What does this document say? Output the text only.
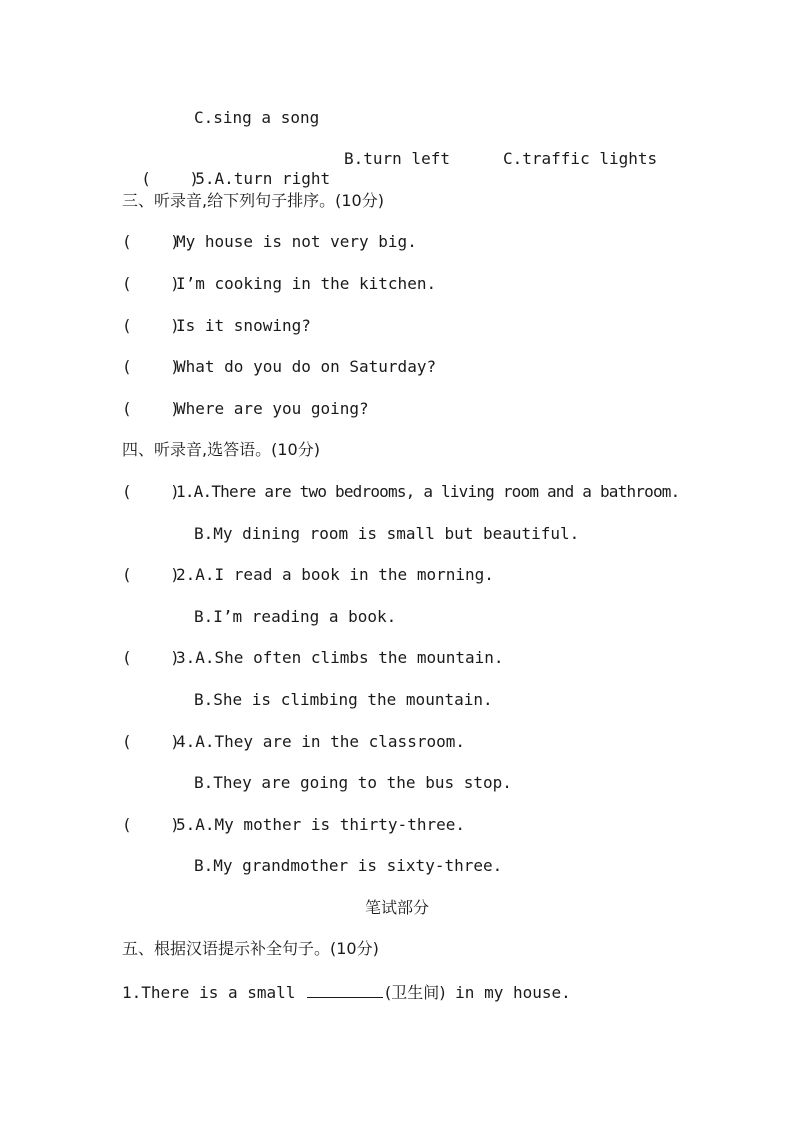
C.sing a song

(    )5.A.turn right

B.turn left	C.traffic lights
三、听录音,给下列句子排序。(10分)
(    )My house is not very big.
(    )I’m cooking in the kitchen.
(    )Is it snowing?
(    )What do you do on Saturday?
(    )Where are you going?
四、听录音,选答语。(10分)
(    )1.A.There are two bedrooms, a living room and a bathroom.
B.My dining room is small but beautiful.
(    )2.A.I read a book in the morning.
B.I’m reading a book.
(    )3.A.She often climbs the mountain.
B.She is climbing the mountain.
(    )4.A.They are in the classroom.
B.They are going to the bus stop.
(    )5.A.My mother is thirty-three.
B.My grandmother is sixty-three.
笔试部分
五、根据汉语提示补全句子。(10分)
1.There is a small	(卫生间) in my house.
